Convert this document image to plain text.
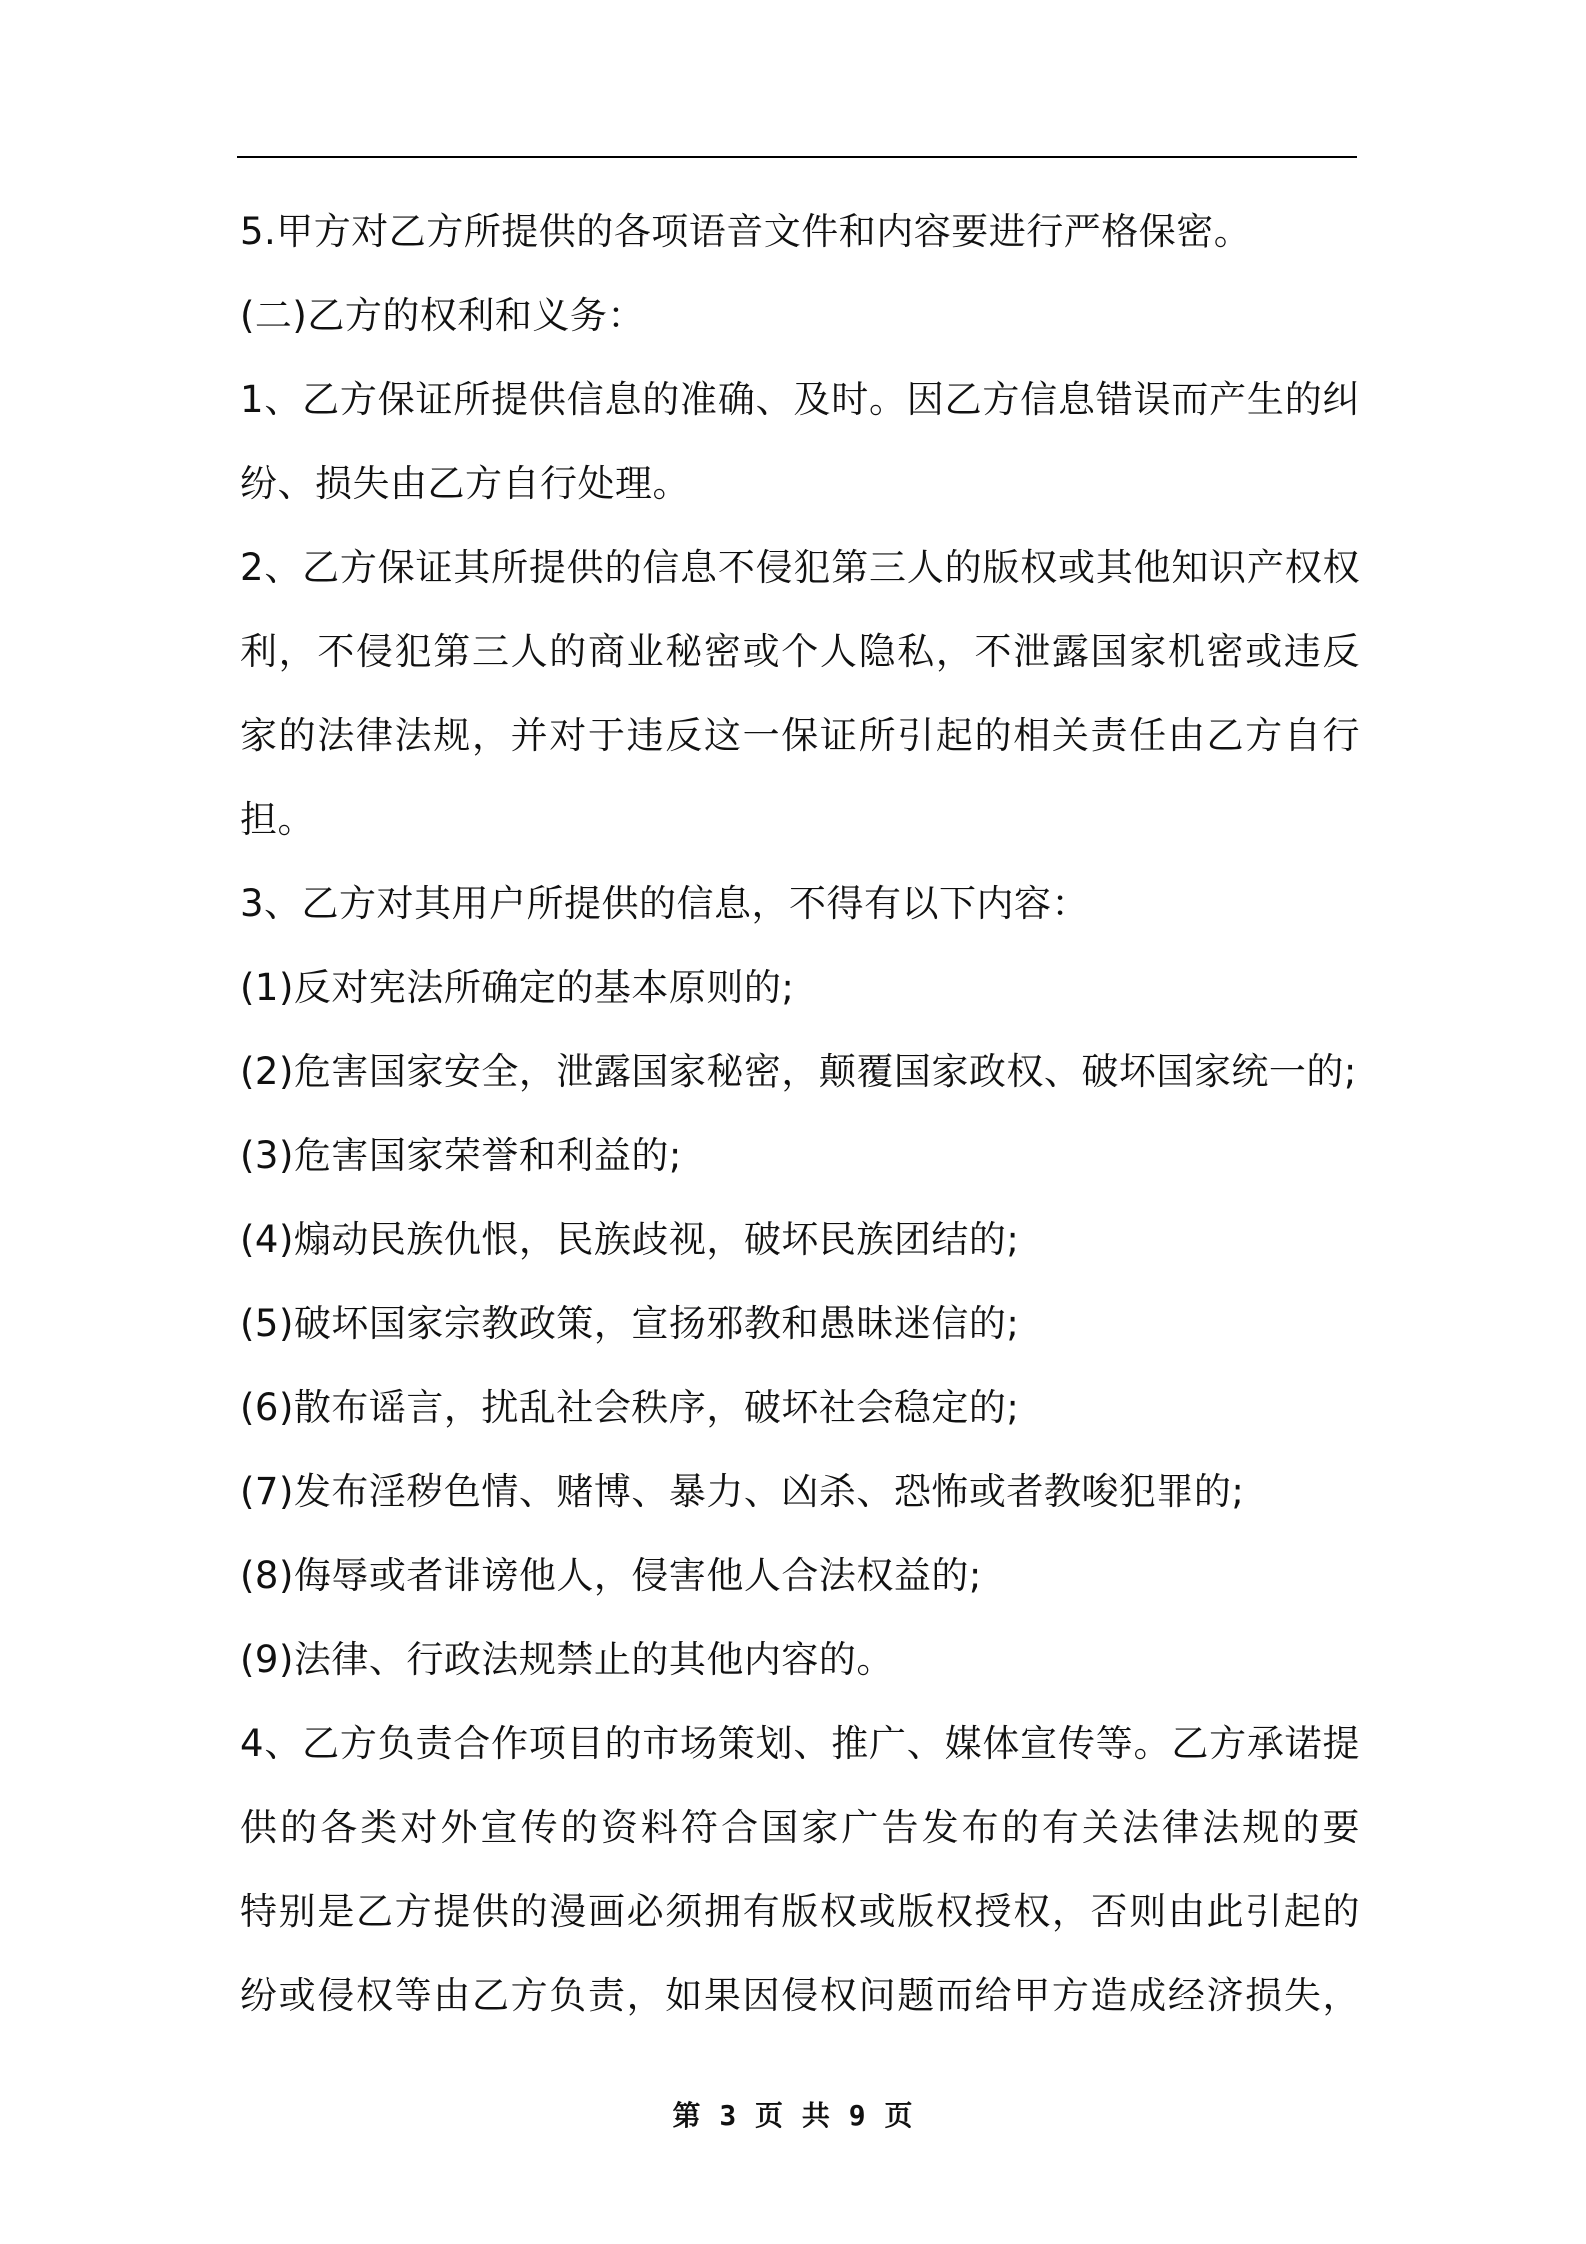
5.甲方对乙方所提供的各项语音文件和内容要进行严格保密。
(二)乙方的权利和义务：
1、乙方保证所提供信息的准确、及时。因乙方信息错误而产生的纠
纷、损失由乙方自行处理。
2、乙方保证其所提供的信息不侵犯第三人的版权或其他知识产权权
利，不侵犯第三人的商业秘密或个人隐私，不泄露国家机密或违反
家的法律法规，并对于违反这一保证所引起的相关责任由乙方自行
担。
3、乙方对其用户所提供的信息，不得有以下内容：
(1)反对宪法所确定的基本原则的;
(2)危害国家安全，泄露国家秘密，颠覆国家政权、破坏国家统一的;
(3)危害国家荣誉和利益的;
(4)煽动民族仇恨，民族歧视，破坏民族团结的;
(5)破坏国家宗教政策，宣扬邪教和愚昧迷信的;
(6)散布谣言，扰乱社会秩序，破坏社会稳定的;
(7)发布淫秽色情、赌博、暴力、凶杀、恐怖或者教唆犯罪的;
(8)侮辱或者诽谤他人，侵害他人合法权益的;
(9)法律、行政法规禁止的其他内容的。
4、乙方负责合作项目的市场策划、推广、媒体宣传等。乙方承诺提
供的各类对外宣传的资料符合国家广告发布的有关法律法规的要
特别是乙方提供的漫画必须拥有版权或版权授权，否则由此引起的
纷或侵权等由乙方负责，如果因侵权问题而给甲方造成经济损失，
第 3 页 共 9 页
